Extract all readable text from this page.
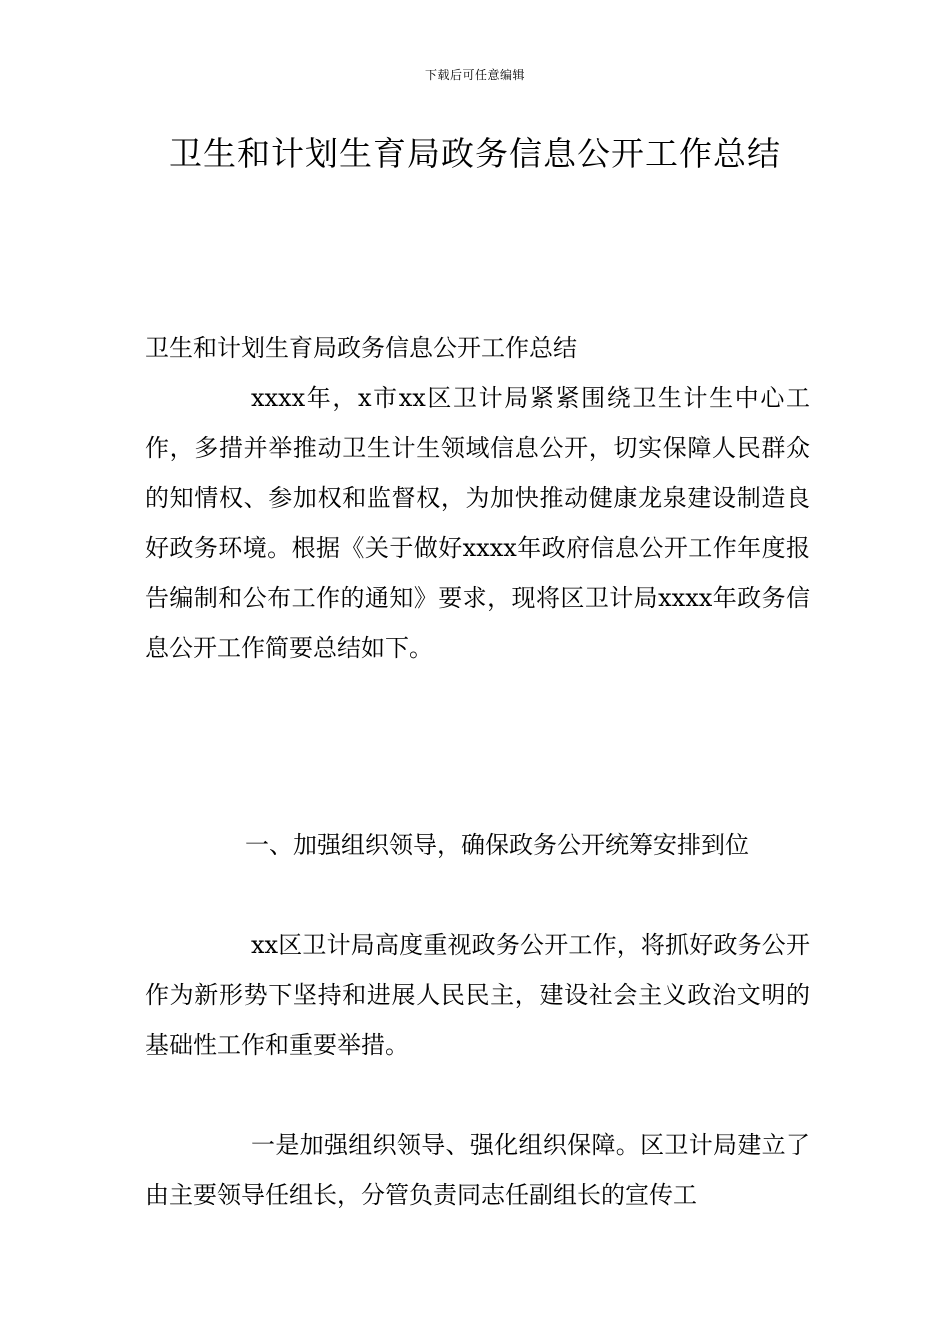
下载后可任意编辑
卫生和计划生育局政务信息公开工作总结

卫生和计划生育局政务信息公开工作总结

xxxx年，x市xx区卫计局紧紧围绕卫生计生中心工作，多措并举推动卫生计生领域信息公开，切实保障人民群众的知情权、参加权和监督权，为加快推动健康龙泉建设制造良好政务环境。根据《关于做好xxxx年政府信息公开工作年度报告编制和公布工作的通知》要求，现将区卫计局xxxx年政务信息公开工作简要总结如下。

一、加强组织领导，确保政务公开统筹安排到位

xx区卫计局高度重视政务公开工作，将抓好政务公开作为新形势下坚持和进展人民民主，建设社会主义政治文明的基础性工作和重要举措。

一是加强组织领导、强化组织保障。区卫计局建立了由主要领导任组长，分管负责同志任副组长的宣传工
